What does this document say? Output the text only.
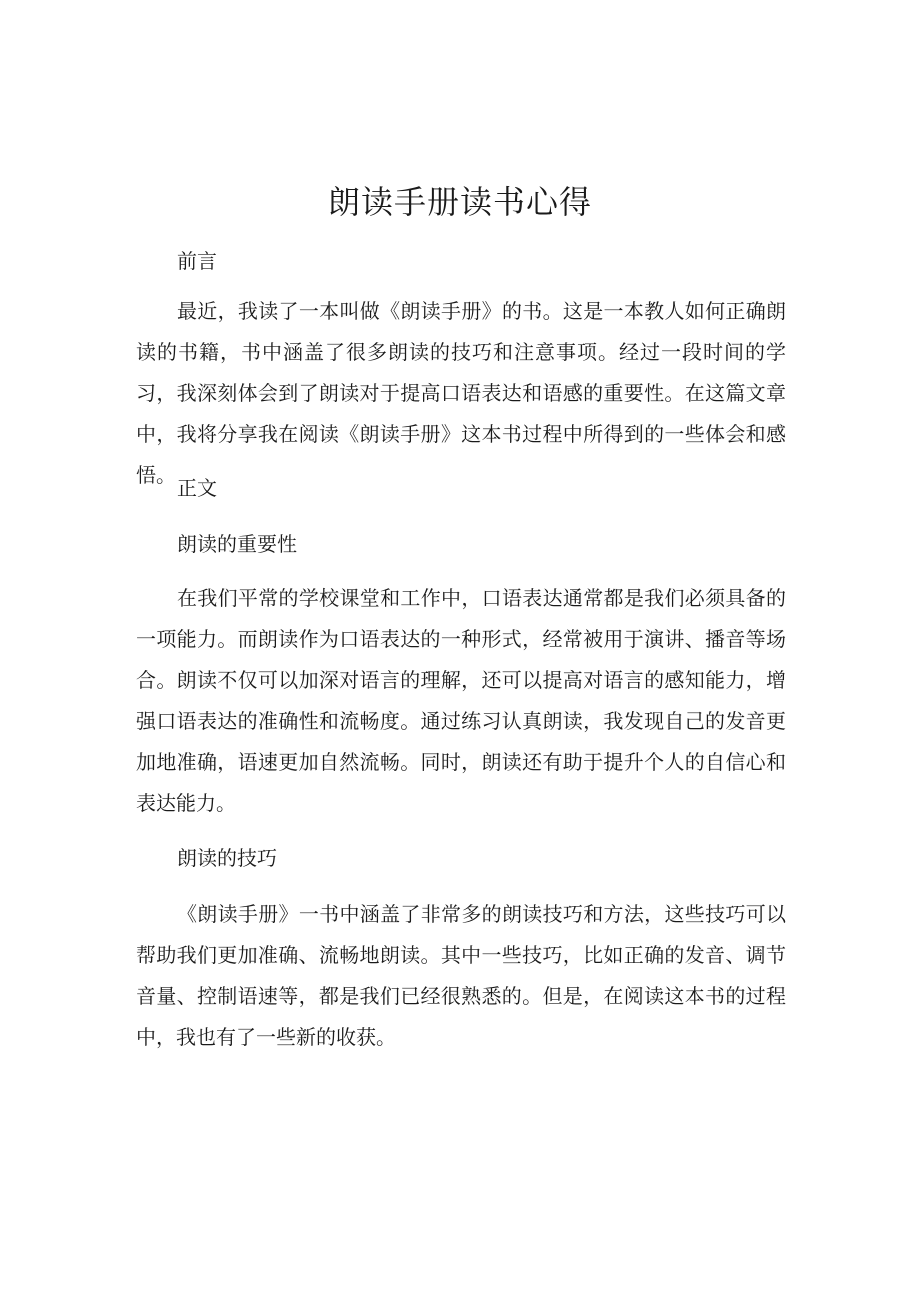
朗读手册读书心得

前言

最近，我读了一本叫做《朗读手册》的书。这是一本教人如何正确朗读的书籍，书中涵盖了很多朗读的技巧和注意事项。经过一段时间的学习，我深刻体会到了朗读对于提高口语表达和语感的重要性。在这篇文章中，我将分享我在阅读《朗读手册》这本书过程中所得到的一些体会和感悟。

正文

朗读的重要性

在我们平常的学校课堂和工作中，口语表达通常都是我们必须具备的一项能力。而朗读作为口语表达的一种形式，经常被用于演讲、播音等场合。朗读不仅可以加深对语言的理解，还可以提高对语言的感知能力，增强口语表达的准确性和流畅度。通过练习认真朗读，我发现自己的发音更加地准确，语速更加自然流畅。同时，朗读还有助于提升个人的自信心和表达能力。

朗读的技巧

《朗读手册》一书中涵盖了非常多的朗读技巧和方法，这些技巧可以帮助我们更加准确、流畅地朗读。其中一些技巧，比如正确的发音、调节音量、控制语速等，都是我们已经很熟悉的。但是，在阅读这本书的过程中，我也有了一些新的收获。
